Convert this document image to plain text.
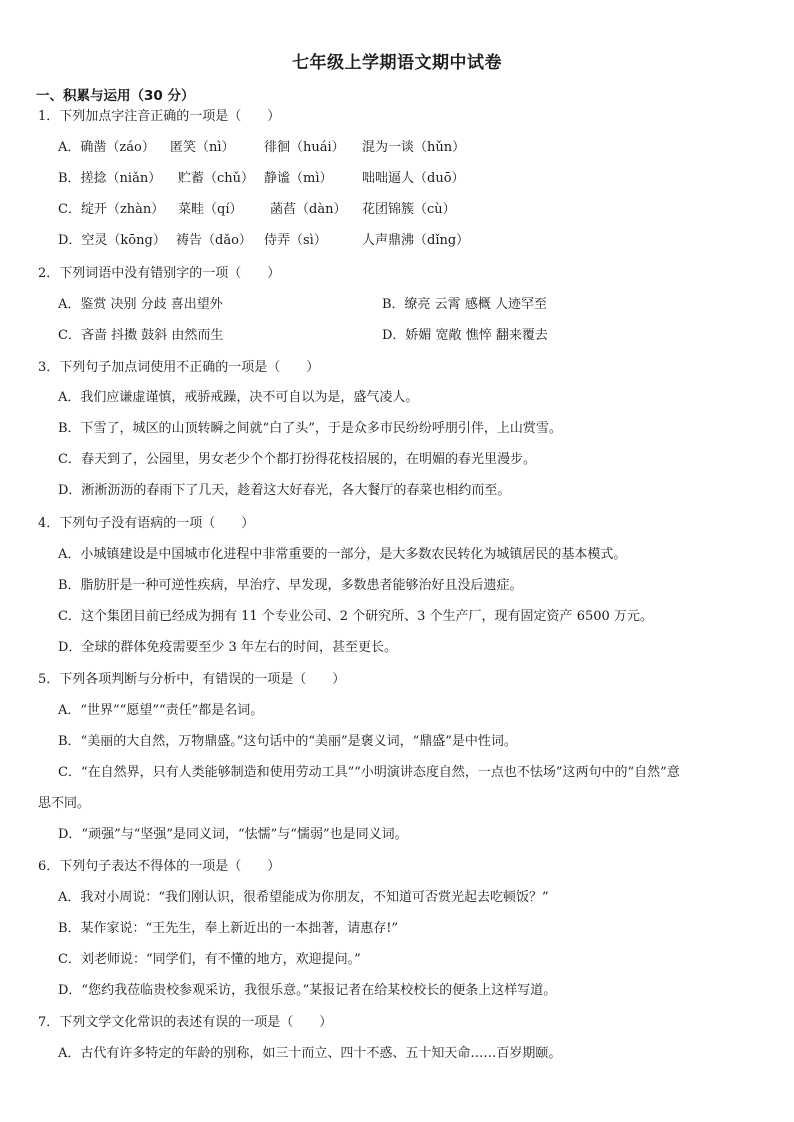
七年级上学期语文期中试卷
一、积累与运用（30 分）
1．下列加点字注音正确的一项是（　　）
A．确凿（záo） 匿笑（nì） 徘徊（huái） 混为一谈（hǔn）
B．搓捻（niǎn） 贮蓄（chǔ） 静谧（mì） 咄咄逼人（duō）
C．绽开（zhàn） 菜畦（qí） 菡萏（dàn） 花团锦簇（cù）
D．空灵（kōng） 祷告（dǎo） 侍弄（sì）	人声鼎沸（dǐng）
2．下列词语中没有错别字的一项（　　）
A．鉴赏 决别 分歧 喜出望外	B．缭亮 云霄 感概 人迹罕至
C．吝啬 抖擞 鼓斜 由然而生	D．娇媚 宽敞 憔悴 翻来覆去
3．下列句子加点词使用不正确的一项是（　　）
A．我们应谦虚谨慎，戒骄戒躁，决不可自以为是，盛气凌人。
B．下雪了，城区的山顶转瞬之间就“白了头”，于是众多市民纷纷呼朋引伴，上山赏雪。
C．春天到了，公园里，男女老少个个都打扮得花枝招展的，在明媚的春光里漫步。
D．淅淅沥沥的春雨下了几天，趁着这大好春光，各大餐厅的春菜也相约而至。
4．下列句子没有语病的一项（　　）
A．小城镇建设是中国城市化进程中非常重要的一部分，是大多数农民转化为城镇居民的基本模式。
B．脂肪肝是一种可逆性疾病，早治疗、早发现，多数患者能够治好且没后遗症。
C．这个集团目前已经成为拥有 11 个专业公司、2 个研究所、3 个生产厂，现有固定资产 6500 万元。
D．全球的群体免疫需要至少 3 年左右的时间，甚至更长。
5．下列各项判断与分析中，有错误的一项是（　　）
A．“世界”“愿望”“责任”都是名词。
B．“美丽的大自然，万物鼎盛。”这句话中的“美丽”是褒义词，“鼎盛”是中性词。
C．“在自然界，只有人类能够制造和使用劳动工具”“小明演讲态度自然，一点也不怯场”这两句中的“自然”意
思不同。
D．“顽强”与“坚强”是同义词，“怯懦”与“懦弱”也是同义词。
6．下列句子表达不得体的一项是（　　）
A．我对小周说：“我们刚认识，很希望能成为你朋友，不知道可否赏光起去吃顿饭？”
B．某作家说：“王先生，奉上新近出的一本拙著，请惠存!”
C．刘老师说：“同学们，有不懂的地方，欢迎提问。”
D．“您约我莅临贵校参观采访，我很乐意。”某报记者在给某校校长的便条上这样写道。
7．下列文学文化常识的表述有误的一项是（　　）
A．古代有许多特定的年龄的别称，如三十而立、四十不惑、五十知天命……百岁期颐。
